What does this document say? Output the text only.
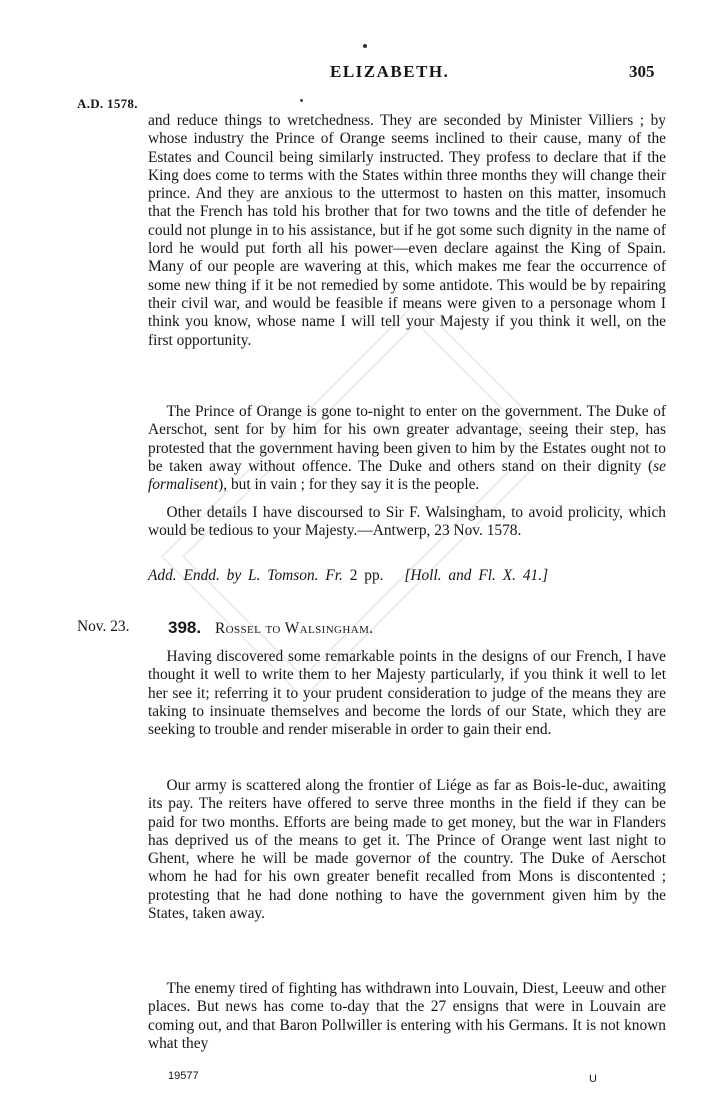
ELIZABETH.	305
A.D. 1578.

and reduce things to wretchedness. They are seconded by Minister Villiers ; by whose industry the Prince of Orange seems inclined to their cause, many of the Estates and Council being similarly instructed. They profess to declare that if the King does come to terms with the States within three months they will change their prince. And they are anxious to the uttermost to hasten on this matter, insomuch that the French has told his brother that for two towns and the title of defender he could not plunge in to his assistance, but if he got some such dignity in the name of lord he would put forth all his power—even declare against the King of Spain. Many of our people are wavering at this, which makes me fear the occurrence of some new thing if it be not remedied by some antidote. This would be by repairing their civil war, and would be feasible if means were given to a personage whom I think you know, whose name I will tell your Majesty if you think it well, on the first opportunity.

The Prince of Orange is gone to-night to enter on the government. The Duke of Aerschot, sent for by him for his own greater advantage, seeing their step, has protested that the government having been given to him by the Estates ought not to be taken away without offence. The Duke and others stand on their dignity (se formalisent), but in vain ; for they say it is the people.

Other details I have discoursed to Sir F. Walsingham, to avoid prolicity, which would be tedious to your Majesty.—Antwerp, 23 Nov. 1578.

Add. Endd. by L. Tomson. Fr. 2 pp. [Holl. and Fl. X. 41.]

Nov. 23. 398. Rossel to Walsingham.

Having discovered some remarkable points in the designs of our French, I have thought it well to write them to her Majesty particularly, if you think it well to let her see it; referring it to your prudent consideration to judge of the means they are taking to insinuate themselves and become the lords of our State, which they are seeking to trouble and render miserable in order to gain their end.

Our army is scattered along the frontier of Liége as far as Bois-le-duc, awaiting its pay. The reiters have offered to serve three months in the field if they can be paid for two months. Efforts are being made to get money, but the war in Flanders has deprived us of the means to get it. The Prince of Orange went last night to Ghent, where he will be made governor of the country. The Duke of Aerschot whom he had for his own greater benefit recalled from Mons is discontented ; protesting that he had done nothing to have the government given him by the States, taken away.

The enemy tired of fighting has withdrawn into Louvain, Diest, Leeuw and other places. But news has come to-day that the 27 ensigns that were in Louvain are coming out, and that Baron Pollwiller is entering with his Germans. It is not known what they

19577	U
